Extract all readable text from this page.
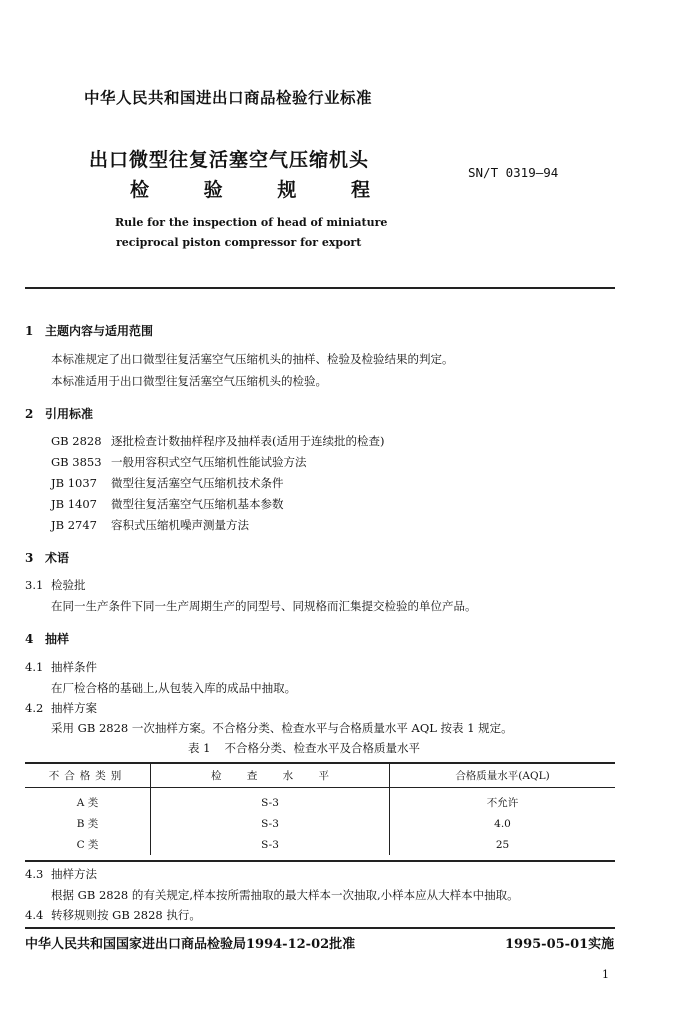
中华人民共和国进出口商品检验行业标准
出口微型往复活塞空气压缩机头
检	验	规	程
SN/T 0319—94
Rule for the inspection of head of miniature
reciprocal piston compressor for export
1 主题内容与适用范围
本标准规定了出口微型往复活塞空气压缩机头的抽样、检验及检验结果的判定。
本标准适用于出口微型往复活塞空气压缩机头的检验。
2 引用标准
GB 2828 逐批检查计数抽样程序及抽样表(适用于连续批的检查)
GB 3853 一般用容积式空气压缩机性能试验方法
JB 1037 微型往复活塞空气压缩机技术条件
JB 1407 微型往复活塞空气压缩机基本参数
JB 2747 容积式压缩机噪声测量方法
3 术语
3.1 检验批
在同一生产条件下同一生产周期生产的同型号、同规格而汇集提交检验的单位产品。
4 抽样
4.1 抽样条件
在厂检合格的基础上,从包装入库的成品中抽取。
4.2 抽样方案
采用 GB 2828 一次抽样方案。不合格分类、检查水平与合格质量水平 AQL 按表 1 规定。
表 1 不合格分类、检查水平及合格质量水平
不合格类别	检 查 水 平	合格质量水平(AQL)
A 类	S-3	不允许
B 类	S-3	4.0
C 类	S-3	25
4.3 抽样方法
根据 GB 2828 的有关规定,样本按所需抽取的最大样本一次抽取,小样本应从大样本中抽取。
4.4 转移规则按 GB 2828 执行。
中华人民共和国国家进出口商品检验局1994-12-02批准	1995-05-01实施
1
